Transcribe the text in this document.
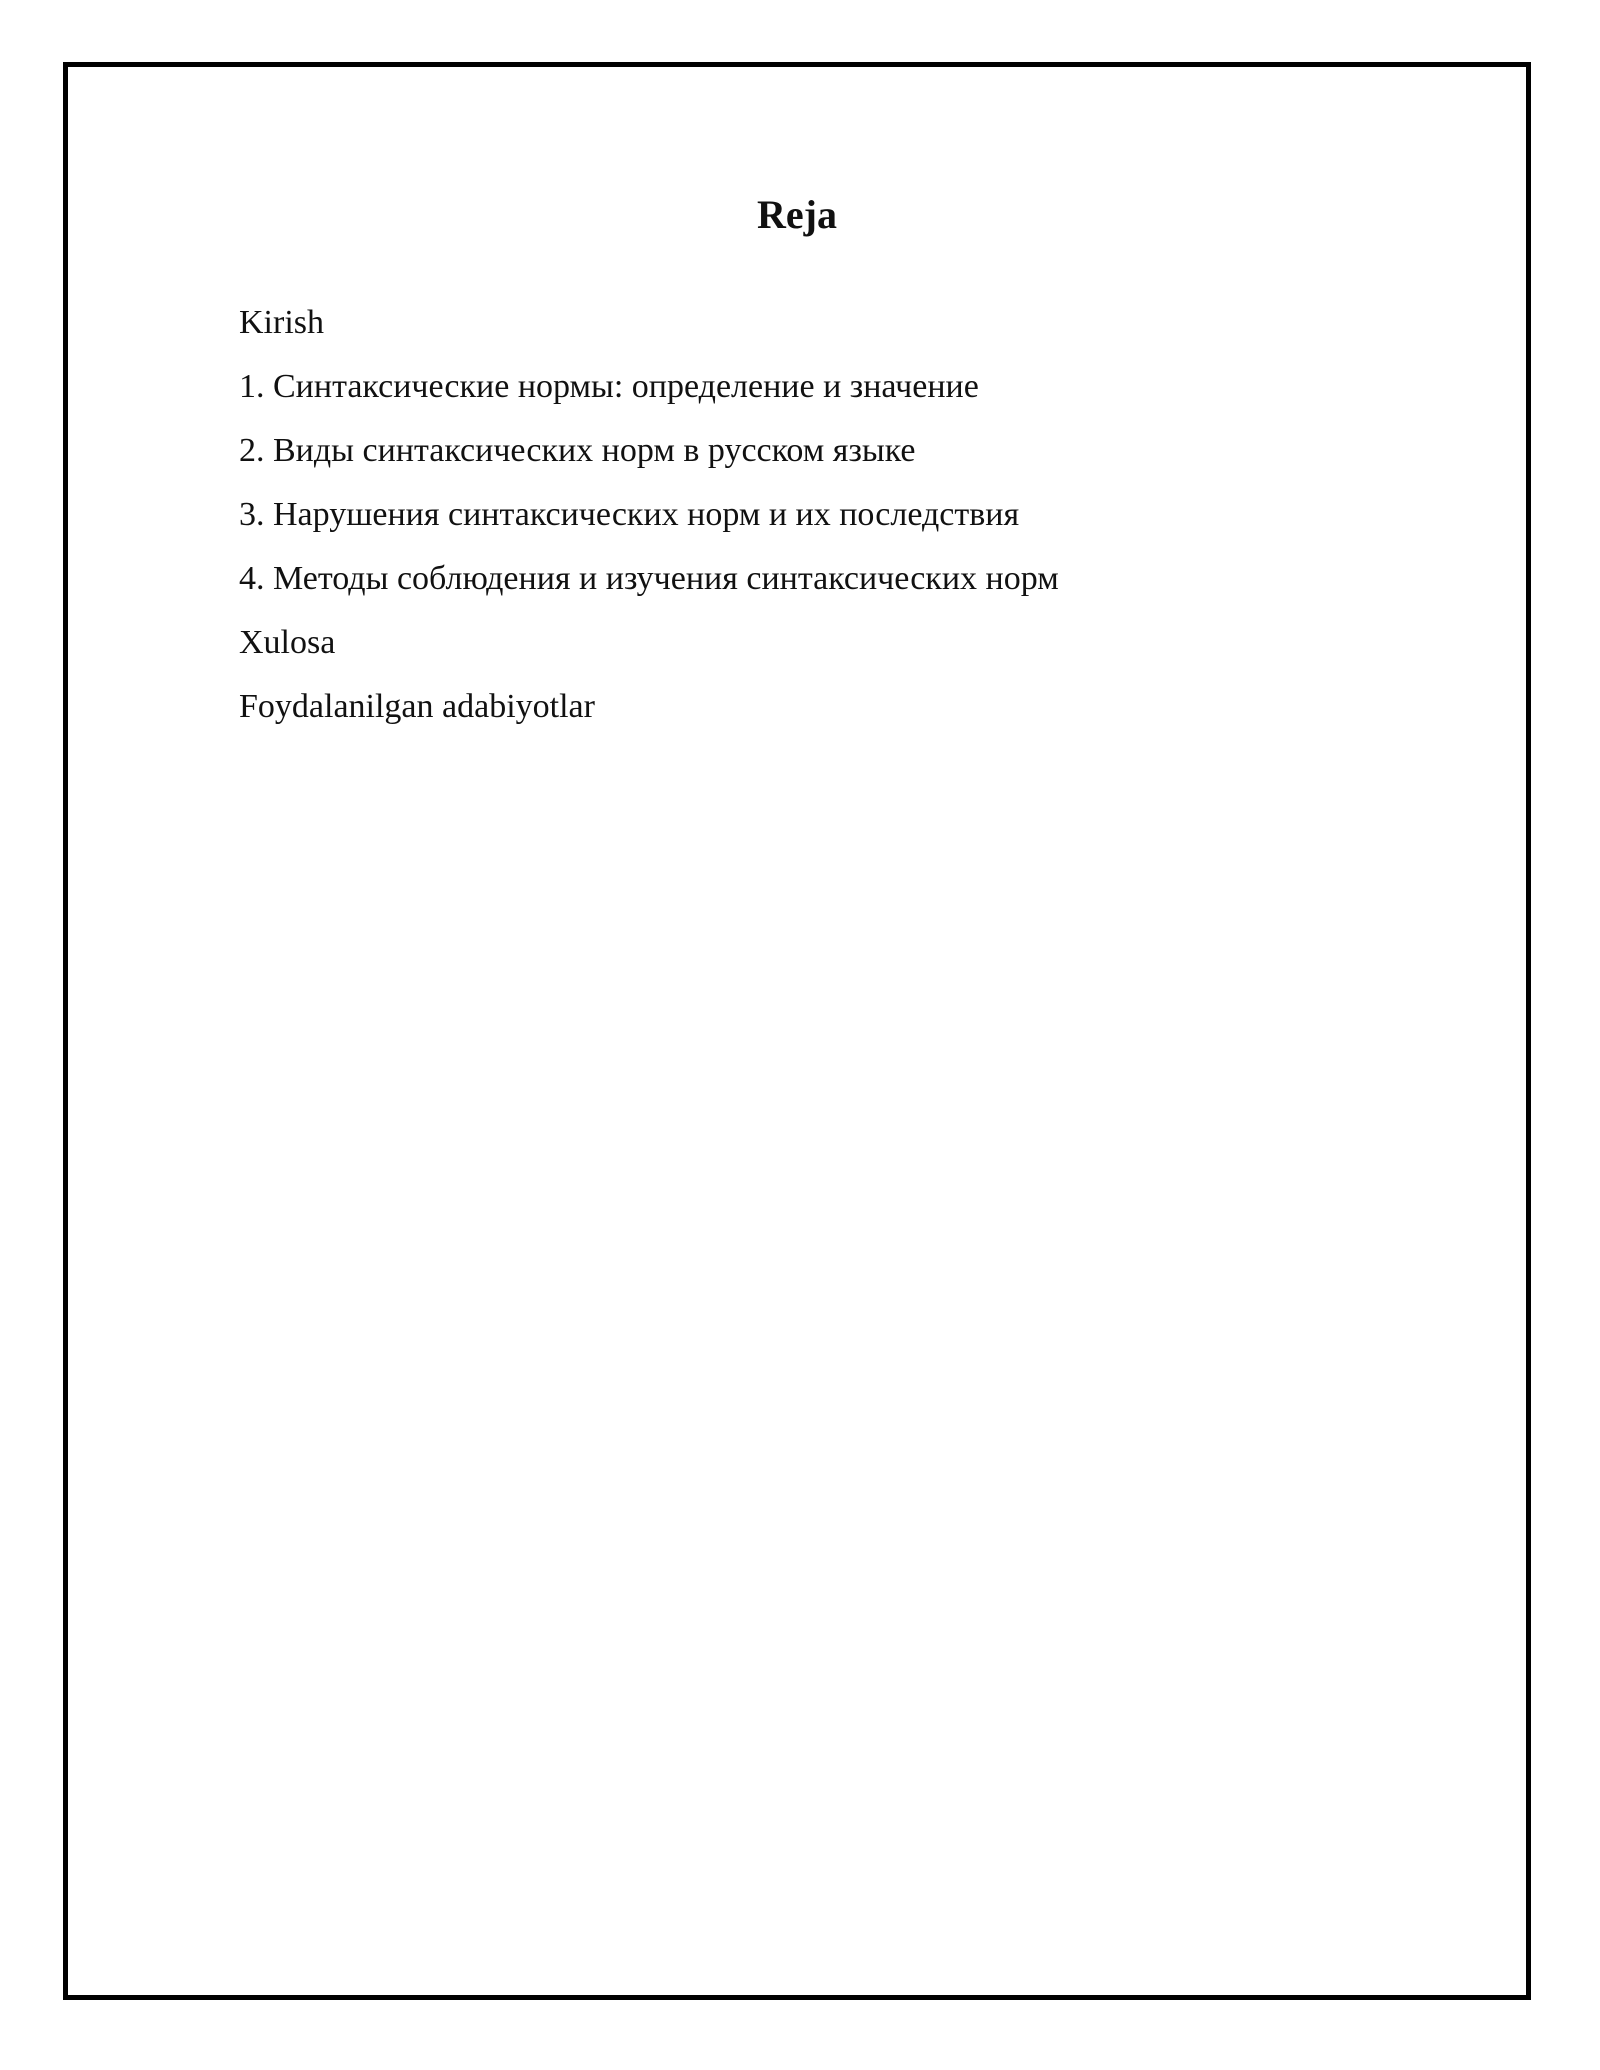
Reja
Kirish
1. Синтаксические нормы: определение и значение
2. Виды синтаксических норм в русском языке
3. Нарушения синтаксических норм и их последствия
4. Методы соблюдения и изучения синтаксических норм
Xulosa
Foydalanilgan adabiyotlar
